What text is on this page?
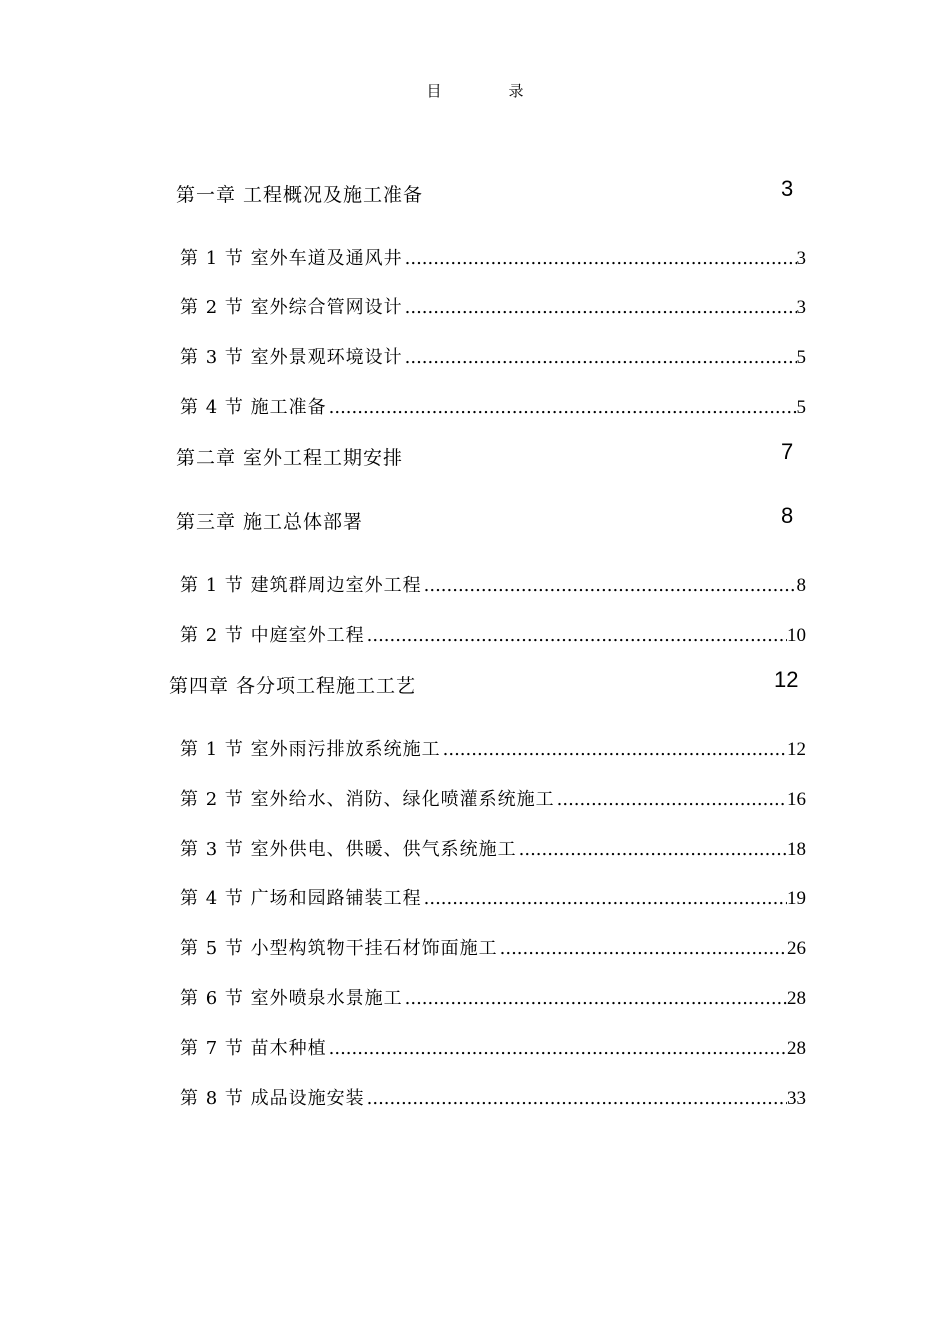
目　录
第一章 工程概况及施工准备	3
第 1 节 室外车道及通风井 .....	3
第 2 节 室外综合管网设计 .....	3
第 3 节 室外景观环境设计 .....	5
第 4 节 施工准备 .....	5
第二章 室外工程工期安排	7
第三章 施工总体部署	8
第 1 节 建筑群周边室外工程 .....	8
第 2 节 中庭室外工程 .....	10
第四章 各分项工程施工工艺	12
第 1 节 室外雨污排放系统施工 .....	12
第 2 节 室外给水、消防、绿化喷灌系统施工 .....	16
第 3 节 室外供电、供暖、供气系统施工 .....	18
第 4 节 广场和园路铺装工程 .....	19
第 5 节 小型构筑物干挂石材饰面施工 .....	26
第 6 节 室外喷泉水景施工 .....	28
第 7 节 苗木种植 .....	28
第 8 节 成品设施安装 .....	33
